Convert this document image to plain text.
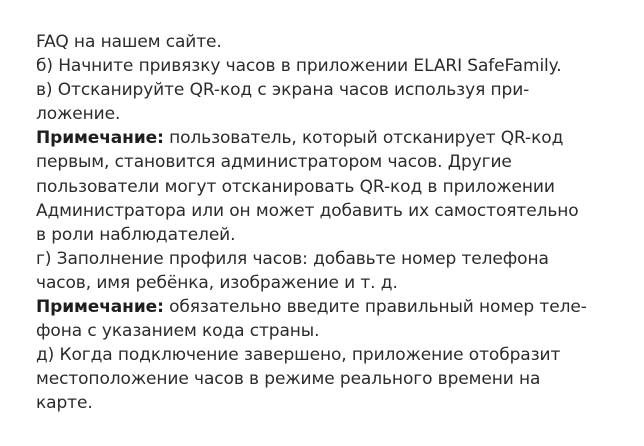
FAQ на нашем сайте.
б) Начните привязку часов в приложении ELARI SafeFamily.
в) Отсканируйте QR-код с экрана часов используя при-
ложение.
Примечание: пользователь, который отсканирует QR-код
первым, становится администратором часов. Другие
пользователи могут отсканировать QR-код в приложении
Администратора или он может добавить их самостоятельно
в роли наблюдателей.
г) Заполнение профиля часов: добавьте номер телефона
часов, имя ребёнка, изображение и т. д.
Примечание: обязательно введите правильный номер теле-
фона с указанием кода страны.
д) Когда подключение завершено, приложение отобразит
местоположение часов в режиме реального времени на
карте.
